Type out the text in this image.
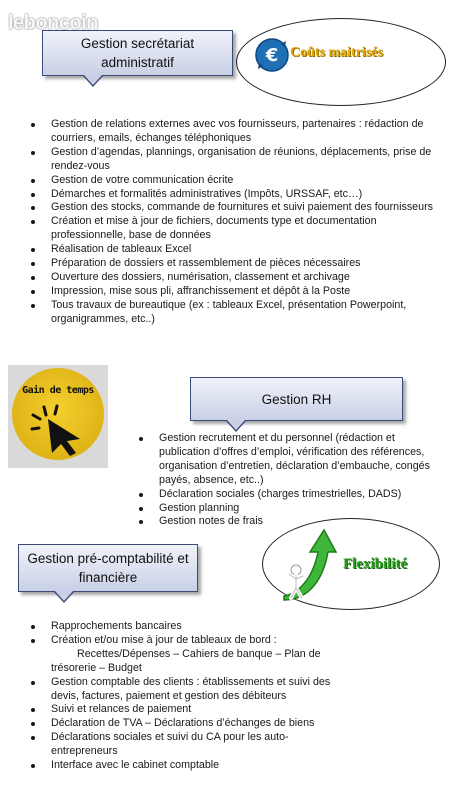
leboncoin
Gestion secrétariat administratif	€ Coûts maitrisés
Gestion de relations externes avec vos fournisseurs, partenaires : rédaction de courriers, emails, échanges téléphoniques
Gestion d’agendas, plannings, organisation de réunions, déplacements, prise de rendez-vous
Gestion de votre communication écrite
Démarches et formalités administratives (Impôts, URSSAF, etc…)
Gestion des stocks, commande de fournitures et suivi paiement des fournisseurs
Création et mise à jour de fichiers, documents type et documentation professionnelle, base de données
Réalisation de tableaux Excel
Préparation de dossiers et rassemblement de pièces nécessaires
Ouverture des dossiers, numérisation, classement et archivage
Impression, mise sous pli, affranchissement et dépôt à la Poste
Tous travaux de bureautique (ex : tableaux Excel, présentation Powerpoint, organigrammes, etc..)
Gain de temps
Gestion RH
Gestion recrutement et du personnel (rédaction et publication d’offres d’emploi, vérification des références, organisation d’entretien, déclaration d’embauche, congés payés, absence, etc..)
Déclaration sociales (charges trimestrielles, DADS)
Gestion planning
Gestion notes de frais
Gestion pré-comptabilité et financière
Flexibilité
Rapprochements bancaires
Création et/ou mise à jour de tableaux de bord :
Recettes/Dépenses – Cahiers de banque – Plan de
trésorerie – Budget
Gestion comptable des clients : établissements et suivi des devis, factures, paiement et gestion des débiteurs
Suivi et relances de paiement
Déclaration de TVA – Déclarations d’échanges de biens
Déclarations sociales et suivi du CA pour les auto-entrepreneurs
Interface avec le cabinet comptable
